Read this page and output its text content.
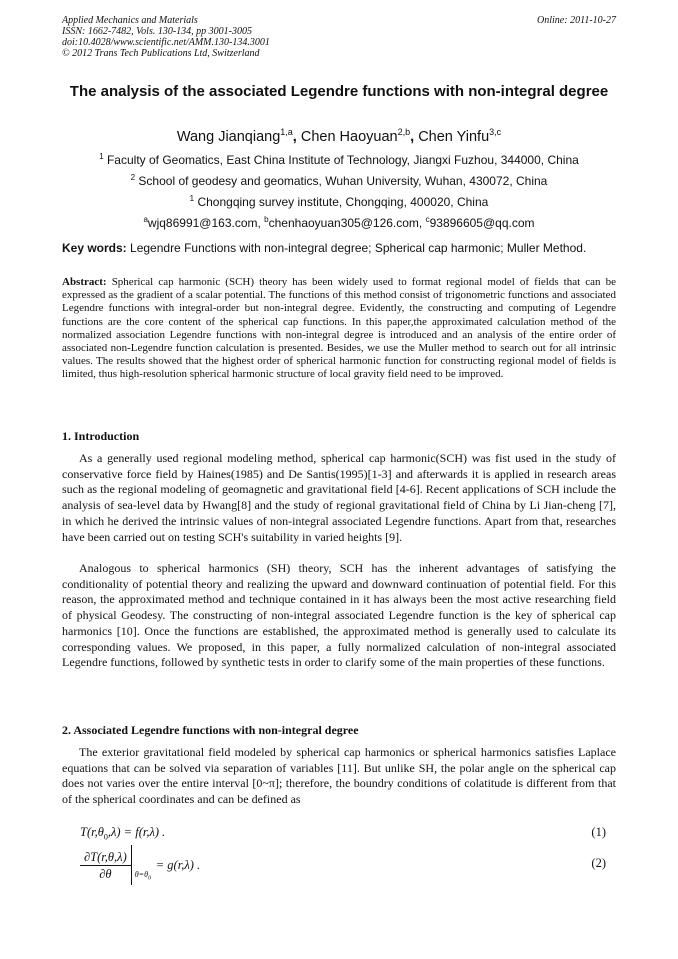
Applied Mechanics and Materials
ISSN: 1662-7482, Vols. 130-134, pp 3001-3005
doi:10.4028/www.scientific.net/AMM.130-134.3001
© 2012 Trans Tech Publications Ltd, Switzerland
Online: 2011-10-27
The analysis of the associated Legendre functions with non-integral degree
Wang Jianqiang$^{1,a}$, Chen Haoyuan$^{2,b}$, Chen Yinfu$^{3,c}$
$^1$ Faculty of Geomatics, East China Institute of Technology, Jiangxi Fuzhou, 344000, China
$^2$ School of geodesy and geomatics, Wuhan University, Wuhan, 430072, China
$^1$ Chongqing survey institute, Chongqing, 400020, China
$^a$wjq86991@163.com, $^b$chenhaoyuan305@126.com, $^c$93896605@qq.com
Key words: Legendre Functions with non-integral degree; Spherical cap harmonic; Muller Method.
Abstract: Spherical cap harmonic (SCH) theory has been widely used to format regional model of fields that can be expressed as the gradient of a scalar potential. The functions of this method consist of trigonometric functions and associated Legendre functions with integral-order but non-integral degree. Evidently, the constructing and computing of Legendre functions are the core content of the spherical cap functions. In this paper,the approximated calculation method of the normalized association Legendre functions with non-integral degree is introduced and an analysis of the entire order of associated non-Legendre function calculation is presented. Besides, we use the Muller method to search out for all intrinsic values. The results showed that the highest order of spherical harmonic function for constructing regional model of fields is limited, thus high-resolution spherical harmonic structure of local gravity field need to be improved.
1. Introduction
As a generally used regional modeling method, spherical cap harmonic(SCH) was fist used in the study of conservative force field by Haines(1985) and De Santis(1995)[1-3] and afterwards it is applied in research areas such as the regional modeling of geomagnetic and gravitational field [4-6]. Recent applications of SCH include the analysis of sea-level data by Hwang[8] and the study of regional gravitational field of China by Li Jian-cheng [7], in which he derived the intrinsic values of non-integral associated Legendre functions. Apart from that, researches have been carried out on testing SCH's suitability in varied heights [9].
Analogous to spherical harmonics (SH) theory, SCH has the inherent advantages of satisfying the conditionality of potential theory and realizing the upward and downward continuation of potential field. For this reason, the approximated method and technique contained in it has always been the most active researching field of physical Geodesy. The constructing of non-integral associated Legendre function is the key of spherical cap harmonics [10]. Once the functions are established, the approximated method is generally used to calculate its corresponding values. We proposed, in this paper, a fully normalized calculation of non-integral associated Legendre functions, followed by synthetic tests in order to clarify some of the main properties of these functions.
2. Associated Legendre functions with non-integral degree
The exterior gravitational field modeled by spherical cap harmonics or spherical harmonics satisfies Laplace equations that can be solved via separation of variables [11]. But unlike SH, the polar angle on the spherical cap does not varies over the entire interval [0~π]; therefore, the boundry conditions of colatitude is different from that of the spherical coordinates and can be defined as
$T(r,\theta_0,\lambda) = f(r,\lambda)$ .	(1)
$\frac{\partial T(r,\theta,\lambda)}{\partial\theta} \theta=\theta_0$
= g(r,λ) .	(2)
